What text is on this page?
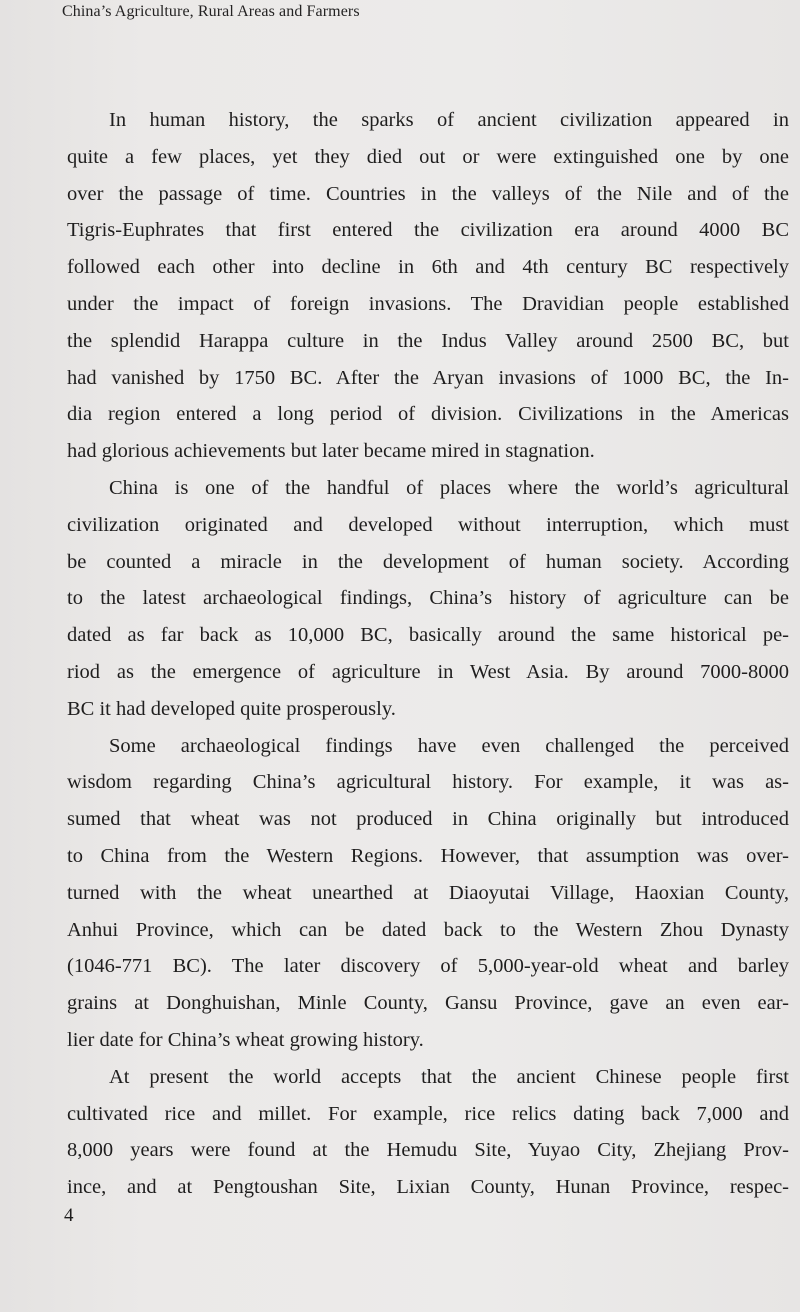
China’s Agriculture, Rural Areas and Farmers

In human history, the sparks of ancient civilization appeared in
quite a few places, yet they died out or were extinguished one by one
over the passage of time. Countries in the valleys of the Nile and of the
Tigris-Euphrates that first entered the civilization era around 4000 BC
followed each other into decline in 6th and 4th century BC respectively
under the impact of foreign invasions. The Dravidian people established
the splendid Harappa culture in the Indus Valley around 2500 BC, but
had vanished by 1750 BC. After the Aryan invasions of 1000 BC, the In-
dia region entered a long period of division. Civilizations in the Americas
had glorious achievements but later became mired in stagnation.

China is one of the handful of places where the world’s agricultural
civilization originated and developed without interruption, which must
be counted a miracle in the development of human society. According
to the latest archaeological findings, China’s history of agriculture can be
dated as far back as 10,000 BC, basically around the same historical pe-
riod as the emergence of agriculture in West Asia. By around 7000-8000
BC it had developed quite prosperously.

Some archaeological findings have even challenged the perceived
wisdom regarding China’s agricultural history. For example, it was as-
sumed that wheat was not produced in China originally but introduced
to China from the Western Regions. However, that assumption was over-
turned with the wheat unearthed at Diaoyutai Village, Haoxian County,
Anhui Province, which can be dated back to the Western Zhou Dynasty
(1046-771 BC). The later discovery of 5,000-year-old wheat and barley
grains at Donghuishan, Minle County, Gansu Province, gave an even ear-
lier date for China’s wheat growing history.

At present the world accepts that the ancient Chinese people first
cultivated rice and millet. For example, rice relics dating back 7,000 and
8,000 years were found at the Hemudu Site, Yuyao City, Zhejiang Prov-
ince, and at Pengtoushan Site, Lixian County, Hunan Province, respec-

4
